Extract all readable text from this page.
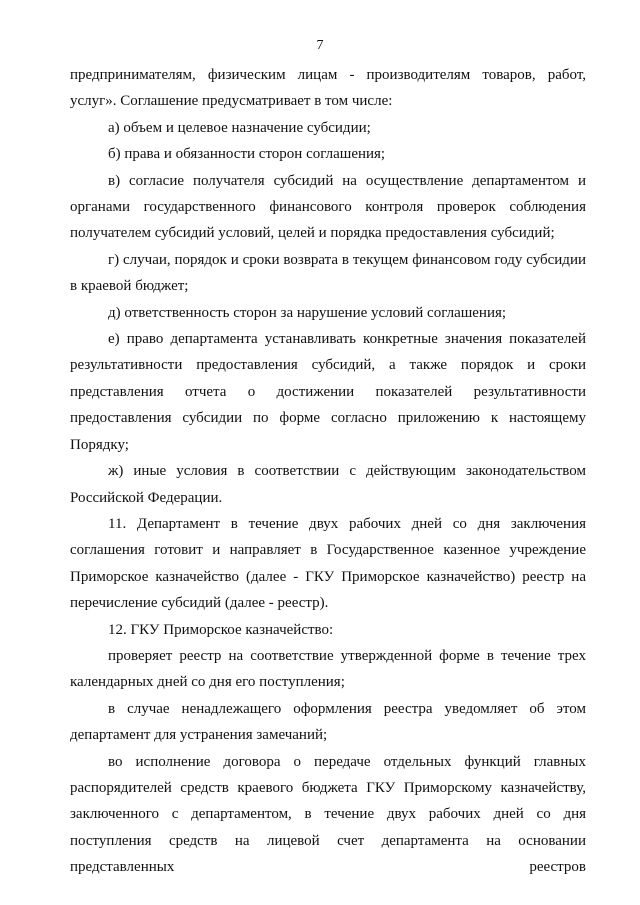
7

предпринимателям, физическим лицам - производителям товаров, работ, услуг». Соглашение предусматривает в том числе:

а) объем и целевое назначение субсидии;

б) права и обязанности сторон соглашения;

в) согласие получателя субсидий на осуществление департаментом и органами государственного финансового контроля проверок соблюдения получателем субсидий условий, целей и порядка предоставления субсидий;

г) случаи, порядок и сроки возврата в текущем финансовом году субсидии в краевой бюджет;

д) ответственность сторон за нарушение условий соглашения;

е) право департамента устанавливать конкретные значения показателей результативности предоставления субсидий, а также порядок и сроки представления отчета о достижении показателей результативности предоставления субсидии по форме согласно приложению к настоящему Порядку;

ж) иные условия в соответствии с действующим законодательством Российской Федерации.

11. Департамент в течение двух рабочих дней со дня заключения соглашения готовит и направляет в Государственное казенное учреждение Приморское казначейство (далее - ГКУ Приморское казначейство) реестр на перечисление субсидий (далее - реестр).

12. ГКУ Приморское казначейство:

проверяет реестр на соответствие утвержденной форме в течение трех календарных дней со дня его поступления;

в случае ненадлежащего оформления реестра уведомляет об этом департамент для устранения замечаний;

во исполнение договора о передаче отдельных функций главных распорядителей средств краевого бюджета ГКУ Приморскому казначейству, заключенного с департаментом, в течение двух рабочих дней со дня поступления средств на лицевой счет департамента на основании представленных реестров
